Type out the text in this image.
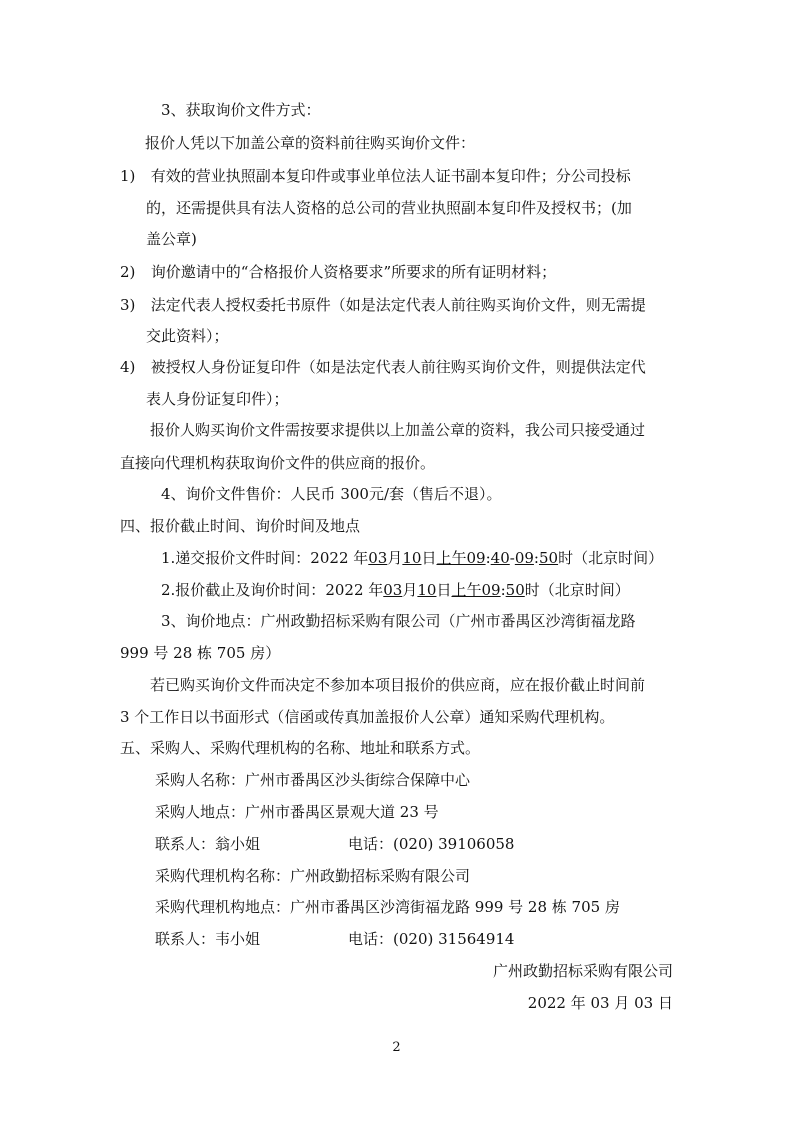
3、获取询价文件方式：
报价人凭以下加盖公章的资料前往购买询价文件：
1) 有效的营业执照副本复印件或事业单位法人证书副本复印件；分公司投标
的，还需提供具有法人资格的总公司的营业执照副本复印件及授权书；(加
盖公章)
2) 询价邀请中的“合格报价人资格要求”所要求的所有证明材料；
3) 法定代表人授权委托书原件（如是法定代表人前往购买询价文件，则无需提
交此资料）；
4) 被授权人身份证复印件（如是法定代表人前往购买询价文件，则提供法定代
表人身份证复印件）；
报价人购买询价文件需按要求提供以上加盖公章的资料，我公司只接受通过
直接向代理机构获取询价文件的供应商的报价。
4、询价文件售价：人民币 300元/套（售后不退）。
四、报价截止时间、询价时间及地点
1.递交报价文件时间：2022 年03月10日上午09:40-09:50时（北京时间）
2.报价截止及询价时间：2022 年03月10日上午09:50时（北京时间）
3、询价地点：广州政勤招标采购有限公司（广州市番禺区沙湾街福龙路
999 号 28 栋 705 房）
若已购买询价文件而决定不参加本项目报价的供应商，应在报价截止时间前
3 个工作日以书面形式（信函或传真加盖报价人公章）通知采购代理机构。
五、采购人、采购代理机构的名称、地址和联系方式。
采购人名称：广州市番禺区沙头街综合保障中心
采购人地点：广州市番禺区景观大道 23 号
联系人：翁小姐	电话：(020) 39106058
采购代理机构名称：广州政勤招标采购有限公司
采购代理机构地点：广州市番禺区沙湾街福龙路 999 号 28 栋 705 房
联系人：韦小姐	电话：(020) 31564914
广州政勤招标采购有限公司
2022 年 03 月 03 日
2
